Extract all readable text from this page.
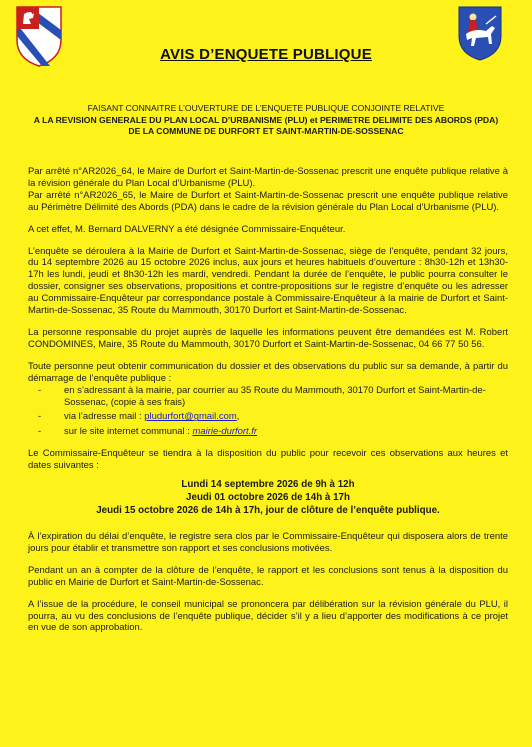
AVIS D’ENQUETE PUBLIQUE
FAISANT CONNAITRE L’OUVERTURE DE L’ENQUETE PUBLIQUE CONJOINTE RELATIVE
A LA REVISION GENERALE DU PLAN LOCAL D’URBANISME (PLU) et PERIMETRE DELIMITE DES ABORDS (PDA)
DE LA COMMUNE DE DURFORT ET SAINT-MARTIN-DE-SOSSENAC

Par arrêté n°AR2026_64, le Maire de Durfort et Saint-Martin-de-Sossenac prescrit une enquête publique relative à la révision générale du Plan Local d’Urbanisme (PLU).

Par arrêté n°AR2026_65, le Maire de Durfort et Saint-Martin-de-Sossenac prescrit une enquête publique relative au Périmètre Délimité des Abords (PDA) dans le cadre de la révision générale du Plan Local d’Urbanisme (PLU).

A cet effet, M. Bernard DALVERNY a été désignée Commissaire-Enquêteur.

L’enquête se déroulera à la Mairie de Durfort et Saint-Martin-de-Sossenac, siège de l’enquête, pendant 32 jours, du 14 septembre 2026 au 15 octobre 2026 inclus, aux jours et heures habituels d’ouverture : 8h30-12h et 13h30-17h les lundi, jeudi et 8h30-12h les mardi, vendredi. Pendant la durée de l’enquête, le public pourra consulter le dossier, consigner ses observations, propositions et contre-propositions sur le registre d’enquête ou les adresser au Commissaire-Enquêteur par correspondance postale à Commissaire-Enquêteur à la mairie de Durfort et Saint-Martin-de-Sossenac, 35 Route du Mammouth, 30170 Durfort et Saint-Martin-de-Sossenac.

La personne responsable du projet auprès de laquelle les informations peuvent être demandées est M. Robert CONDOMINES, Maire, 35 Route du Mammouth, 30170 Durfort et Saint-Martin-de-Sossenac, 04 66 77 50 56.

Toute personne peut obtenir communication du dossier et des observations du public sur sa demande, à partir du démarrage de l’enquête publique :

- en s’adressant à la mairie, par courrier au 35 Route du Mammouth, 30170 Durfort et Saint-Martin-de-Sossenac, (copie à ses frais)
- via l’adresse mail : pludurfort@gmail.com,
- sur le site internet communal : mairie-durfort.fr

Le Commissaire-Enquêteur se tiendra à la disposition du public pour recevoir ces observations aux heures et dates suivantes :

Lundi 14 septembre 2026 de 9h à 12h
Jeudi 01 octobre 2026 de 14h à 17h
Jeudi 15 octobre 2026 de 14h à 17h, jour de clôture de l’enquête publique.

À l’expiration du délai d’enquête, le registre sera clos par le Commissaire-Enquêteur qui disposera alors de trente jours pour établir et transmettre son rapport et ses conclusions motivées.

Pendant un an à compter de la clôture de l’enquête, le rapport et les conclusions sont tenus à la disposition du public en Mairie de Durfort et Saint-Martin-de-Sossenac.

A l’issue de la procédure, le conseil municipal se prononcera par délibération sur la révision générale du PLU, il pourra, au vu des conclusions de l’enquête publique, décider s’il y a lieu d’apporter des modifications à ce projet en vue de son approbation.
